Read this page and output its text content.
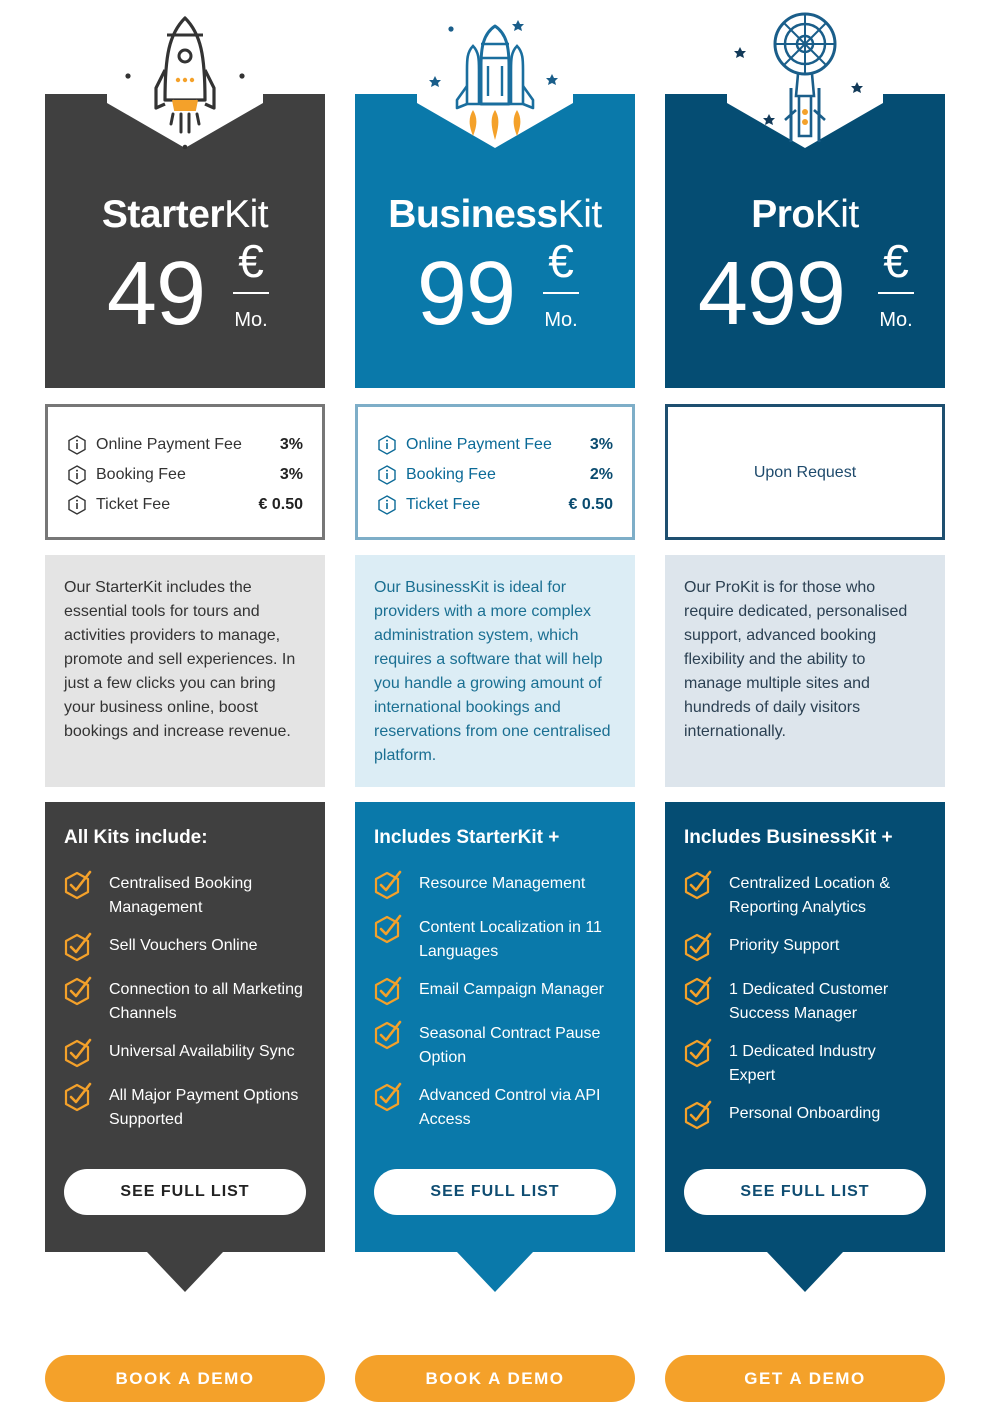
StarterKit
49 €
Mo.
Online Payment Fee 3%
Booking Fee	3%
Ticket Fee	€ 0.50
Our StarterKit includes the essential tools for tours and activities providers to manage, promote and sell experiences. In just a few clicks you can bring your business online, boost bookings and increase revenue.
All Kits include:
Centralised Booking Management
Sell Vouchers Online
Connection to all Marketing Channels
Universal Availability Sync
All Major Payment Options Supported
SEE FULL LIST
BOOK A DEMO
BusinessKit
99 €
Mo.
Online Payment Fee 3%
Booking Fee	2%
Ticket Fee	€ 0.50
Our BusinessKit is ideal for providers with a more complex administration system, which requires a software that will help you handle a growing amount of international bookings and reservations from one centralised platform.
Includes StarterKit +
Resource Management
Content Localization in 11 Languages
Email Campaign Manager
Seasonal Contract Pause Option
Advanced Control via API Access
SEE FULL LIST
BOOK A DEMO
ProKit
499 €
Mo.
Upon Request
Our ProKit is for those who require dedicated, personalised support, advanced booking flexibility and the ability to manage multiple sites and hundreds of daily visitors internationally.
Includes BusinessKit +
Centralized Location & Reporting Analytics
Priority Support
1 Dedicated Customer Success Manager
1 Dedicated Industry Expert
Personal Onboarding
SEE FULL LIST
GET A DEMO
